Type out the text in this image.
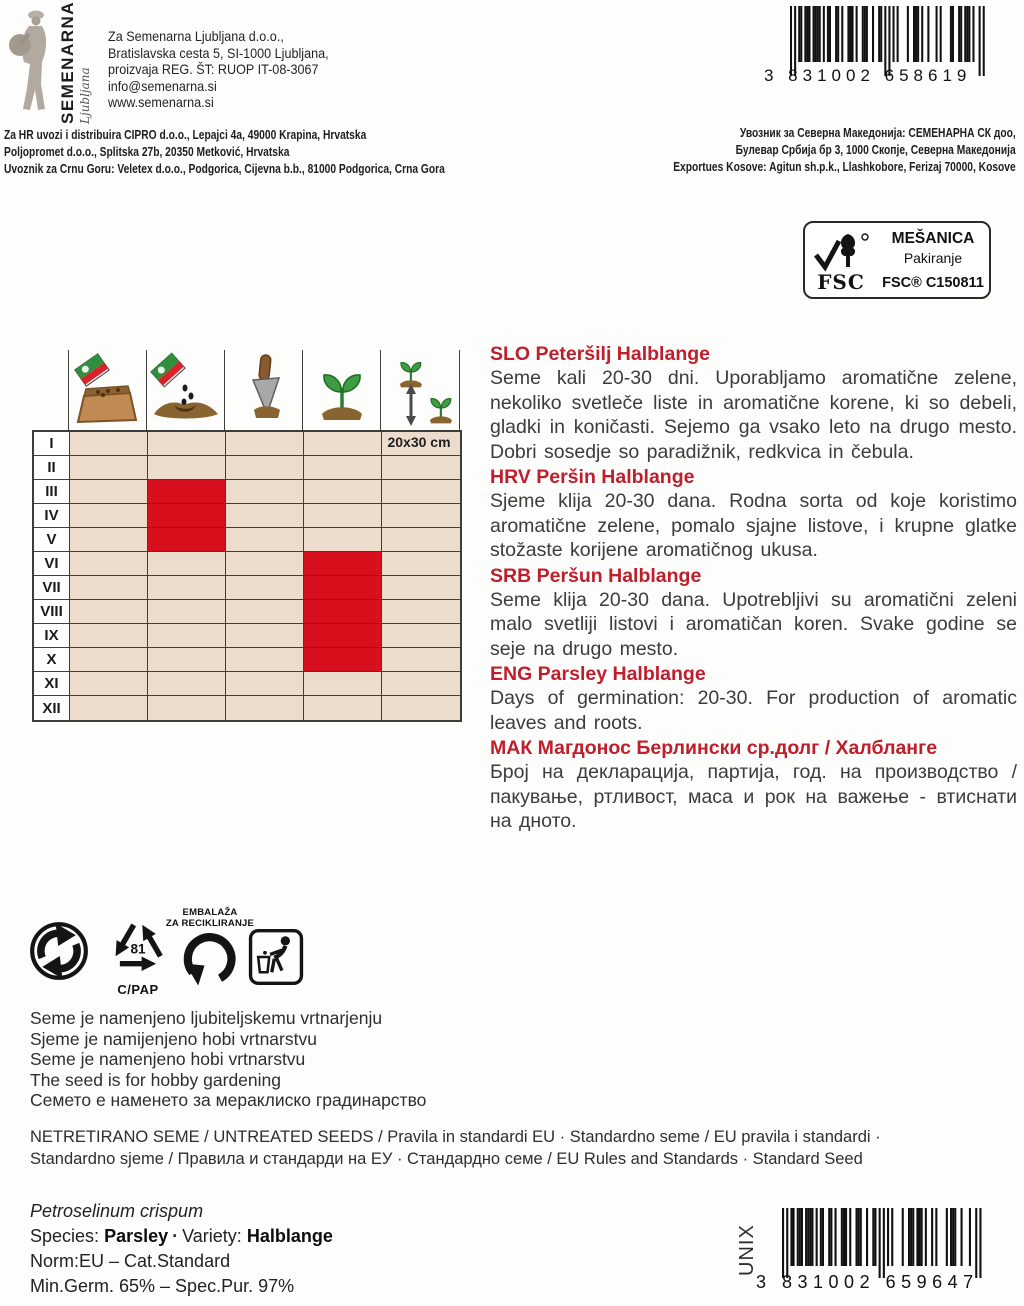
SEMENARNA Ljubljana
Za Semenarna Ljubljana d.o.o.,
Bratislavska cesta 5, SI-1000 Ljubljana,
proizvaja REG. ŠT: RUOP IT-08-3067
info@semenarna.si
www.semenarna.si
3 831002 658619
Za HR uvozi i distribuira CIPRO d.o.o., Lepajci 4a, 49000 Krapina, Hrvatska
Poljopromet d.o.o., Splitska 27b, 20350 Metković, Hrvatska
Uvoznik za Crnu Goru: Veletex d.o.o., Podgorica, Cijevna b.b., 81000 Podgorica, Crna Gora
Увозник за Северна Македонија: СЕМЕНАРНА СК доо,
Булевар Србија бр 3, 1000 Скопје, Северна Македонија
Exportues Kosove: Agitun sh.p.k., Llashkobore, Ferizaj 70000, Kosove
FSC
MEŠANICA
Pakiranje
FSC® C150811
I
II
III
IV
V
VI
VII
VIII
IX
X
XI
XII
20x30 cm
SLO Peteršilj Halblange
Seme kali 20-30 dni. Uporabljamo aromatične zelene, nekoliko svetleče liste in aromatične korene, ki so debeli, gladki in koničasti. Sejemo ga vsako leto na drugo mesto. Dobri sosedje so paradižnik, redkvica in čebula.
HRV Peršin Halblange
Sjeme klija 20-30 dana. Rodna sorta od koje koristimo aromatične zelene, pomalo sjajne listove, i krupne glatke stožaste korijene aromatičnog ukusa.
SRB Peršun Halblange
Seme klija 20-30 dana. Upotrebljivi su aromatični zeleni malo svetliji listovi i aromatičan koren. Svake godine se seje na drugo mesto.
ENG Parsley Halblange
Days of germination: 20-30. For production of aromatic leaves and roots.
МАК Магдонос Берлински ср.долг / Халбланге
Број на декларација, партија, год. на производство / пакување, ртливост, маса и рок на важење - втиснати на дното.
81
C/PAP
EMBALAŽA
ZA RECIKLIRANJE
Seme je namenjeno ljubiteljskemu vrtnarjenju
Sjeme je namijenjeno hobi vrtnarstvu
Seme je namenjeno hobi vrtnarstvu
The seed is for hobby gardening
Семето е наменето за мераклиско градинарство
NETRETIRANO SEME / UNTREATED SEEDS / Pravila in standardi EU · Standardno seme / EU pravila i standardi ·
Standardno sjeme / Правила и стандарди на ЕУ · Стандардно семе / EU Rules and Standards · Standard Seed
Petroselinum crispum
Species: Parsley · Variety: Halblange
Norm:EU – Cat.Standard
Min.Germ. 65% – Spec.Pur. 97%
UNIX
3 831002 659647
